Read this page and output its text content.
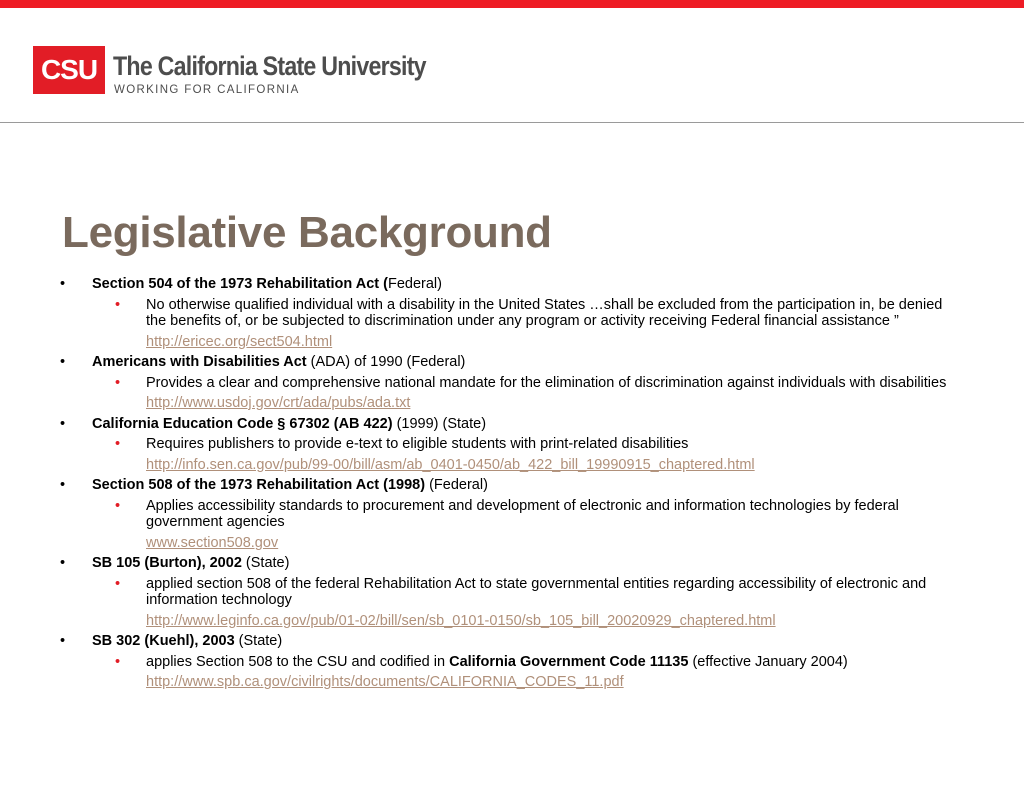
CSU The California State University
WORKING FOR CALIFORNIA
Legislative Background
• Section 504 of the 1973 Rehabilitation Act (Federal)
• No otherwise qualified individual with a disability in the United States …shall be excluded from the participation in, be denied the benefits of, or be subjected to discrimination under any program or activity receiving Federal financial assistance ”
http://ericec.org/sect504.html
• Americans with Disabilities Act (ADA) of 1990 (Federal)
• Provides a clear and comprehensive national mandate for the elimination of discrimination against individuals with disabilities
http://www.usdoj.gov/crt/ada/pubs/ada.txt
• California Education Code § 67302 (AB 422) (1999) (State)
• Requires publishers to provide e-text to eligible students with print-related disabilities
http://info.sen.ca.gov/pub/99-00/bill/asm/ab_0401-0450/ab_422_bill_19990915_chaptered.html
• Section 508 of the 1973 Rehabilitation Act (1998) (Federal)
• Applies accessibility standards to procurement and development of electronic and information technologies by federal government agencies
www.section508.gov
• SB 105 (Burton), 2002 (State)
• applied section 508 of the federal Rehabilitation Act to state governmental entities regarding accessibility of electronic and information technology
http://www.leginfo.ca.gov/pub/01-02/bill/sen/sb_0101-0150/sb_105_bill_20020929_chaptered.html
• SB 302 (Kuehl), 2003 (State)
• applies Section 508 to the CSU and codified in California Government Code 11135 (effective January 2004)
http://www.spb.ca.gov/civilrights/documents/CALIFORNIA_CODES_11.pdf
